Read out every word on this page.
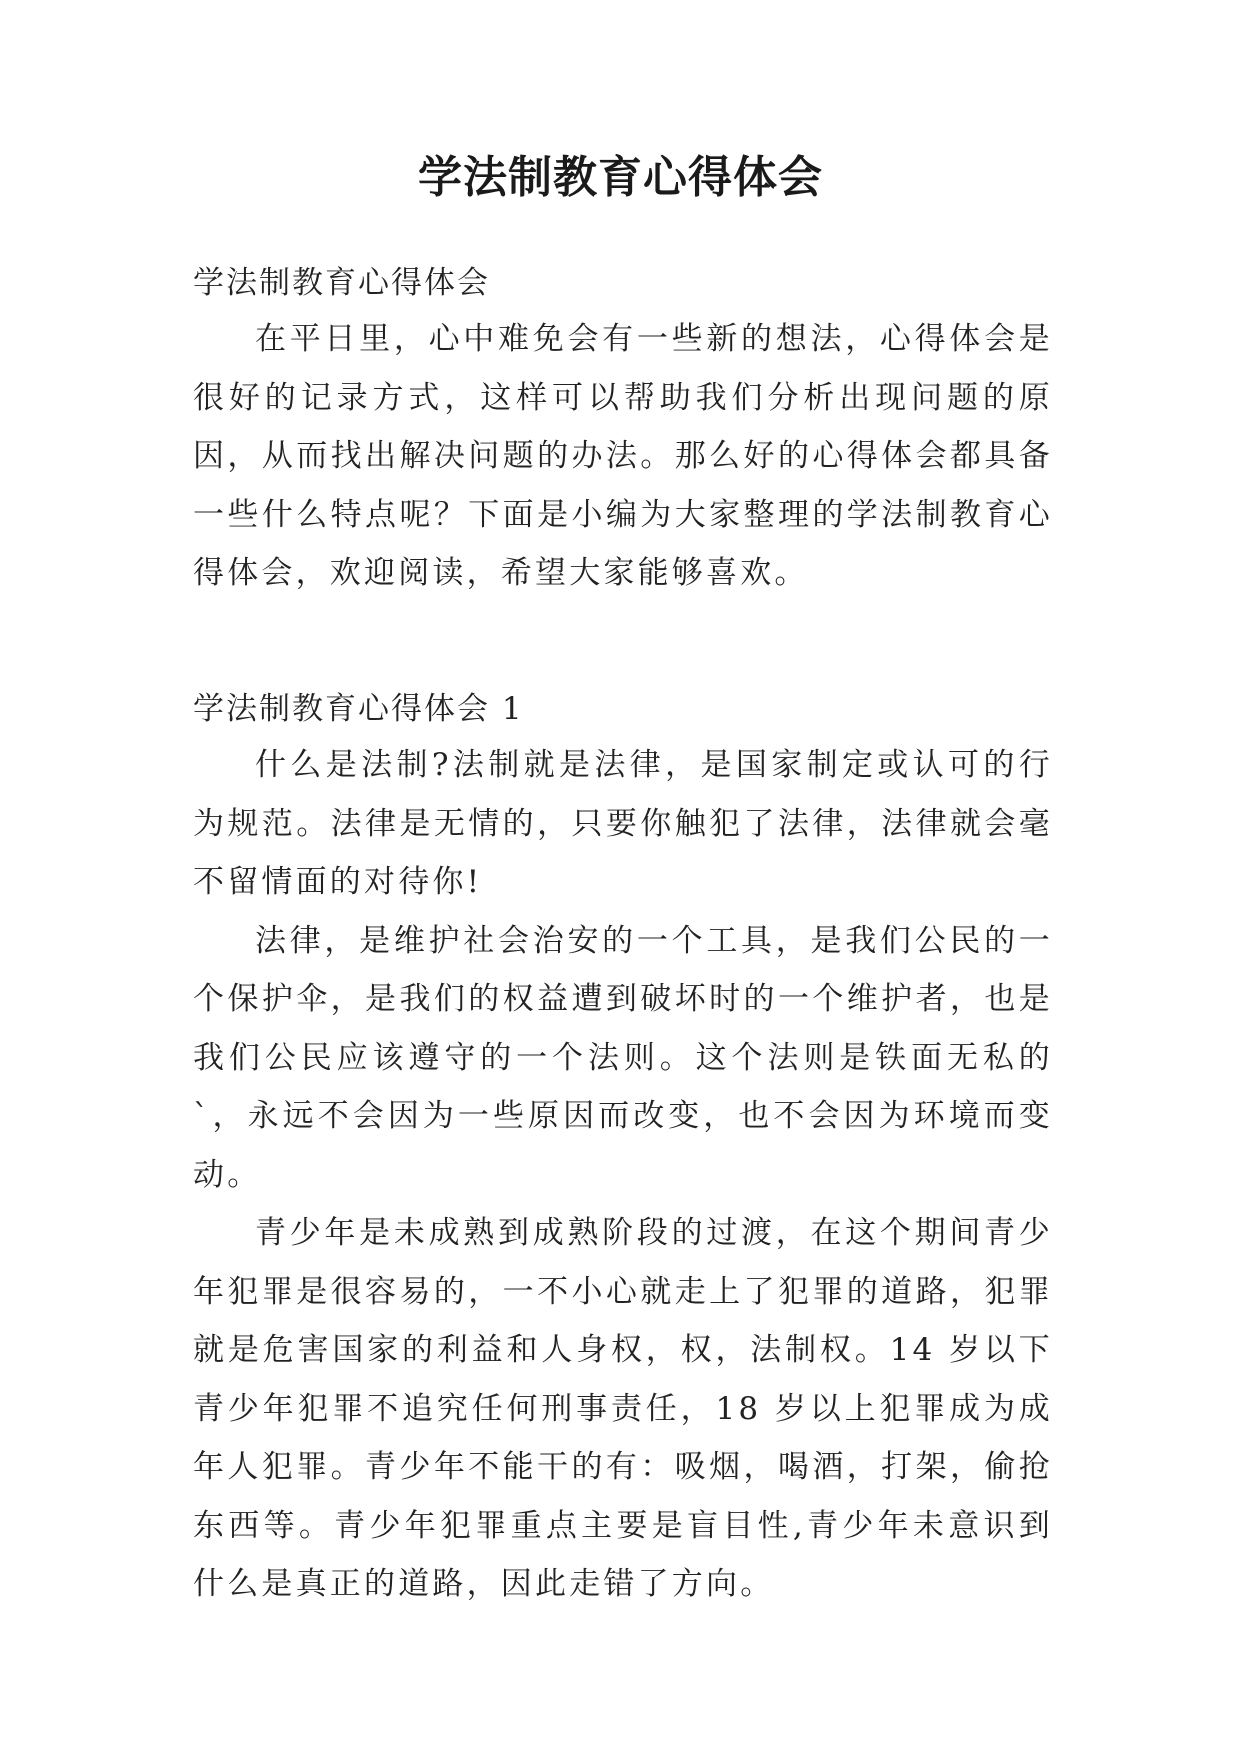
学法制教育心得体会
学法制教育心得体会

在平日里，心中难免会有一些新的想法，心得体会是很好的记录方式，这样可以帮助我们分析出现问题的原因，从而找出解决问题的办法。那么好的心得体会都具备一些什么特点呢？下面是小编为大家整理的学法制教育心得体会，欢迎阅读，希望大家能够喜欢。

学法制教育心得体会 1

什么是法制?法制就是法律，是国家制定或认可的行为规范。法律是无情的，只要你触犯了法律，法律就会毫不留情面的对待你!

法律，是维护社会治安的一个工具，是我们公民的一个保护伞，是我们的权益遭到破坏时的一个维护者，也是我们公民应该遵守的一个法则。这个法则是铁面无私的`，永远不会因为一些原因而改变，也不会因为环境而变动。

青少年是未成熟到成熟阶段的过渡，在这个期间青少年犯罪是很容易的，一不小心就走上了犯罪的道路，犯罪就是危害国家的利益和人身权，权，法制权。14 岁以下青少年犯罪不追究任何刑事责任，18 岁以上犯罪成为成年人犯罪。青少年不能干的有：吸烟，喝酒，打架，偷抢东西等。青少年犯罪重点主要是盲目性,青少年未意识到什么是真正的道路，因此走错了方向。
